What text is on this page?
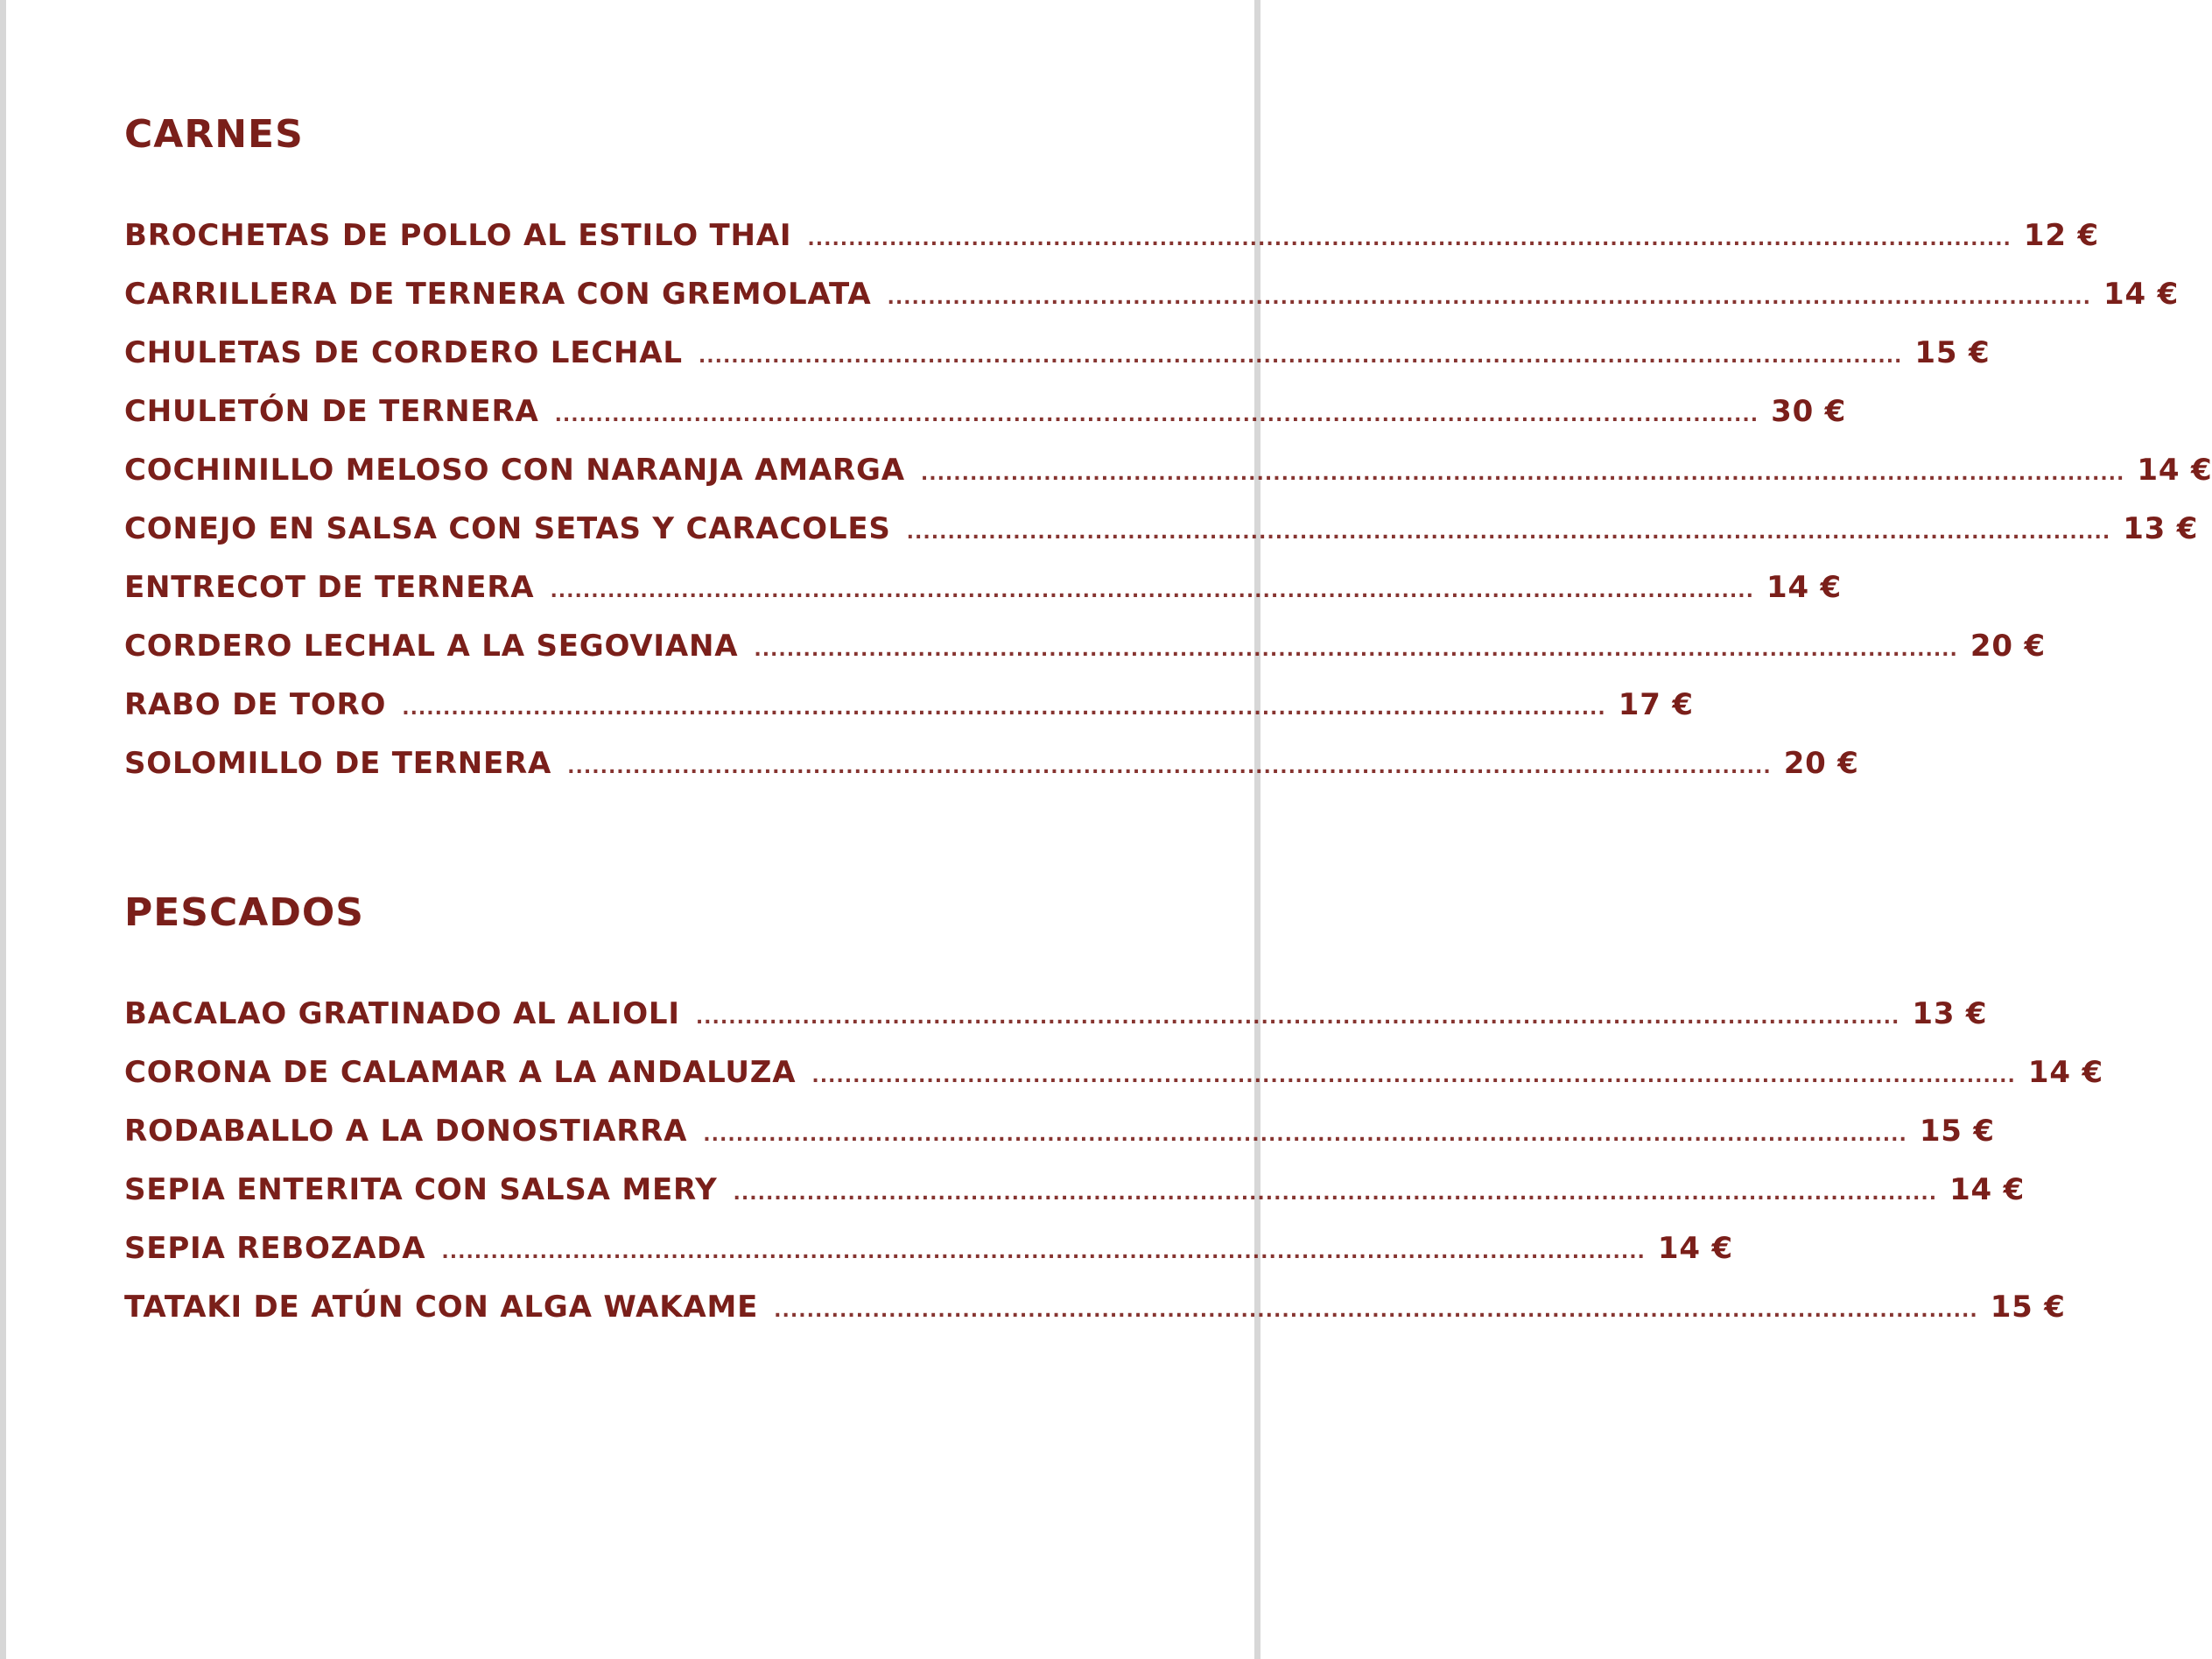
CARNES
BROCHETAS DE POLLO AL ESTILO THAI ................................................................................................................................................... 12 €
CARRILLERA DE TERNERA CON GREMOLATA ................................................................................................................................................... 14 €
CHULETAS DE CORDERO LECHAL ................................................................................................................................................... 15 €
CHULETÓN DE TERNERA ................................................................................................................................................... 30 €
COCHINILLO MELOSO CON NARANJA AMARGA ................................................................................................................................................... 14 €
CONEJO EN SALSA CON SETAS Y CARACOLES ................................................................................................................................................... 13 €
ENTRECOT DE TERNERA ................................................................................................................................................... 14 €
CORDERO LECHAL A LA SEGOVIANA ................................................................................................................................................... 20 €
RABO DE TORO ................................................................................................................................................... 17 €
SOLOMILLO DE TERNERA ................................................................................................................................................... 20 €
PESCADOS
BACALAO GRATINADO AL ALIOLI ................................................................................................................................................... 13 €
CORONA DE CALAMAR A LA ANDALUZA ................................................................................................................................................... 14 €
RODABALLO A LA DONOSTIARRA ................................................................................................................................................... 15 €
SEPIA ENTERITA CON SALSA MERY ................................................................................................................................................... 14 €
SEPIA REBOZADA ................................................................................................................................................... 14 €
TATAKI DE ATÚN CON ALGA WAKAME ................................................................................................................................................... 15 €
